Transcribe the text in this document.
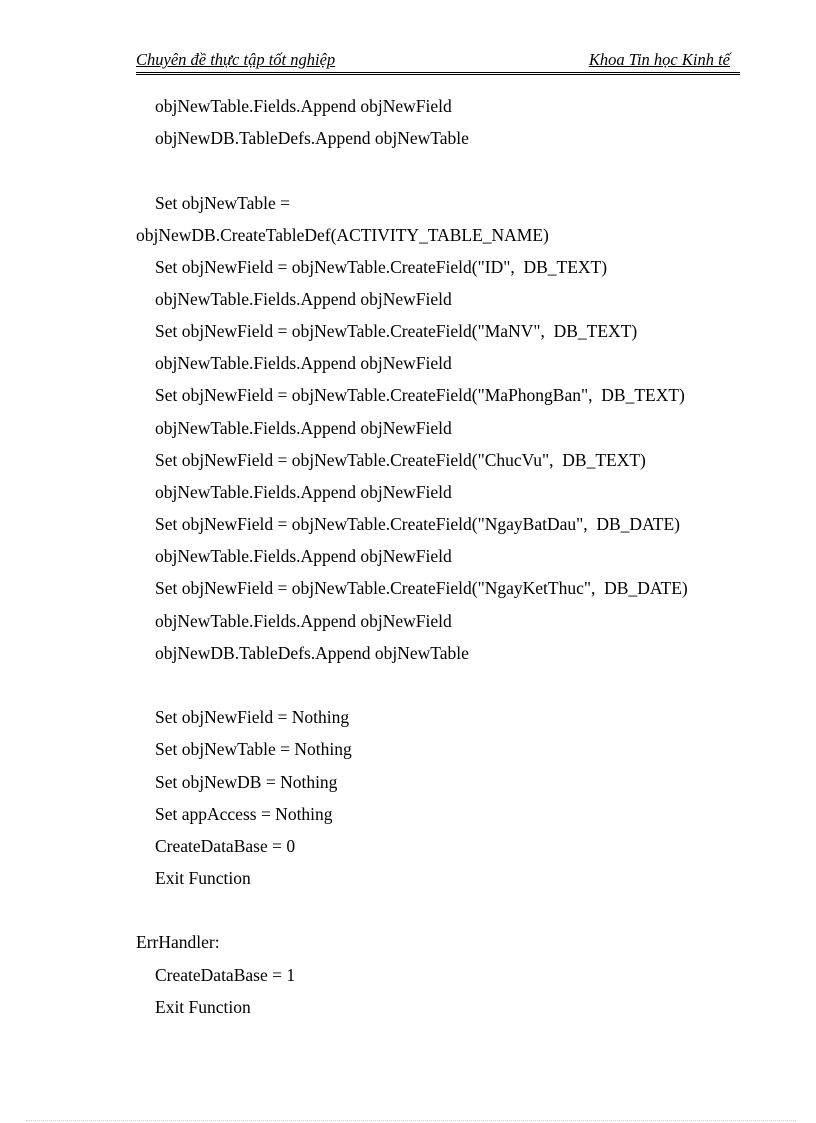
Chuyên đề thực tập tốt nghiệp	Khoa Tin học Kinh tế
objNewTable.Fields.Append objNewField
objNewDB.TableDefs.Append objNewTable
Set objNewTable =
objNewDB.CreateTableDef(ACTIVITY_TABLE_NAME)
Set objNewField = objNewTable.CreateField("ID",  DB_TEXT)
objNewTable.Fields.Append objNewField
Set objNewField = objNewTable.CreateField("MaNV",  DB_TEXT)
objNewTable.Fields.Append objNewField
Set objNewField = objNewTable.CreateField("MaPhongBan",  DB_TEXT)
objNewTable.Fields.Append objNewField
Set objNewField = objNewTable.CreateField("ChucVu",  DB_TEXT)
objNewTable.Fields.Append objNewField
Set objNewField = objNewTable.CreateField("NgayBatDau",  DB_DATE)
objNewTable.Fields.Append objNewField
Set objNewField = objNewTable.CreateField("NgayKetThuc",  DB_DATE)
objNewTable.Fields.Append objNewField
objNewDB.TableDefs.Append objNewTable
Set objNewField = Nothing
Set objNewTable = Nothing
Set objNewDB = Nothing
Set appAccess = Nothing
CreateDataBase = 0
Exit Function
ErrHandler:
CreateDataBase = 1
Exit Function
